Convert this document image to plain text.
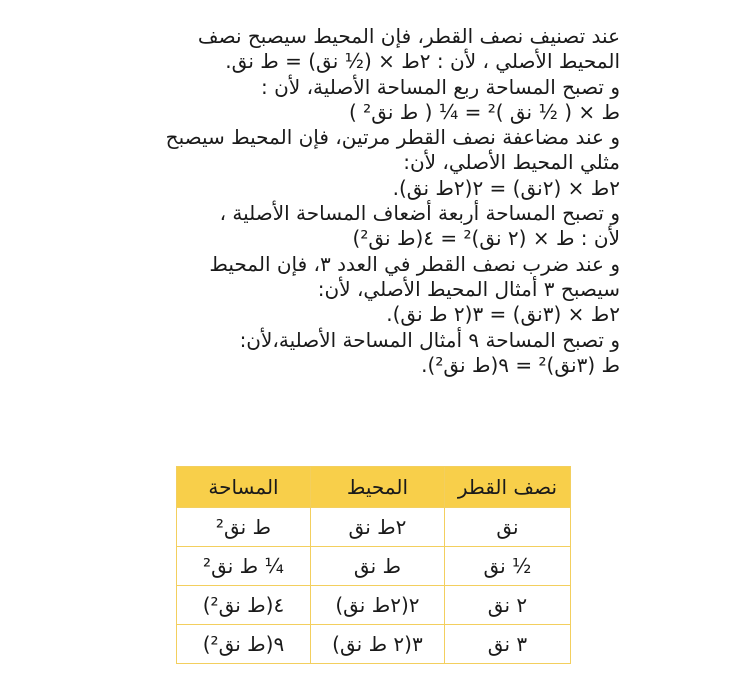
عند تصنيف نصف القطر، فإن المحيط سيصبح نصف

المحيط الأصلي ، لأن : ٢ط × (½ نق) = ط نق.

و تصبح المساحة ربع المساحة الأصلية، لأن :

ط × ( ½ نق )² = ¼ ( ط نق² )

و عند مضاعفة نصف القطر مرتين، فإن المحيط سيصبح

مثلي المحيط الأصلي، لأن:

٢ط × (٢نق) = ٢(٢ط نق).

و تصبح المساحة أربعة أضعاف المساحة الأصلية ،

لأن : ط × (٢ نق)² = ٤(ط نق²)

و عند ضرب نصف القطر في العدد ٣، فإن المحيط

سيصبح ٣ أمثال المحيط الأصلي، لأن:

٢ط × (٣نق) = ٣(٢ ط نق).

و تصبح المساحة ٩ أمثال المساحة الأصلية،لأن:

ط (٣نق)² = ٩(ط نق²).

نصف القطر	المحيط	المساحة
نق	٢ط نق	ط نق²
½ نق	ط نق	¼ ط نق²
٢ نق	٢(٢ط نق)	٤(ط نق²)
٣ نق	٣(٢ ط نق)	٩(ط نق²)
